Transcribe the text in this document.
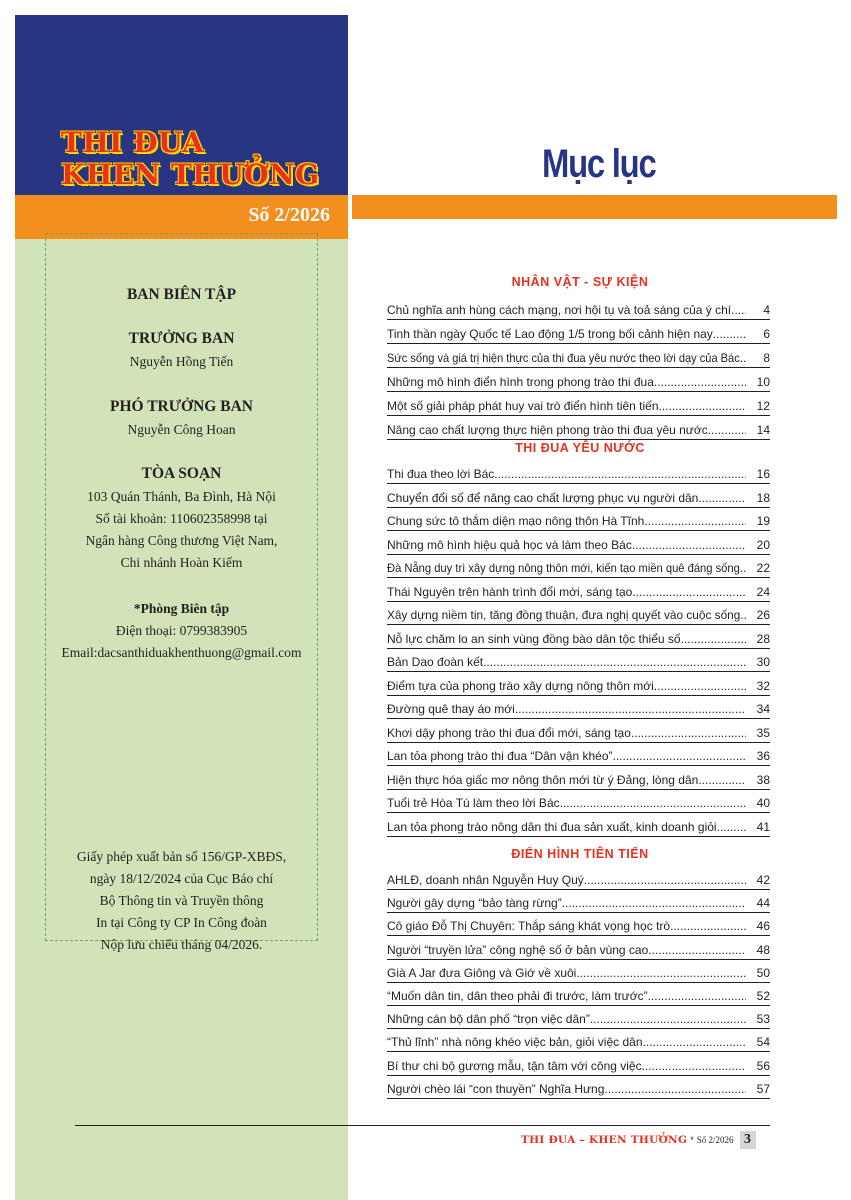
THI ĐUA
KHEN THƯỞNG
Số 2/2026
BAN BIÊN TẬP
TRƯỞNG BAN
Nguyễn Hồng Tiến
PHÓ TRƯỞNG BAN
Nguyễn Công Hoan
TÒA SOẠN
103 Quán Thánh, Ba Đình, Hà Nội
Số tài khoản: 110602358998 tại
Ngân hàng Công thương Việt Nam,
Chi nhánh Hoàn Kiếm
*Phòng Biên tập
Điện thoại: 0799383905
Email:dacsanthiduakhenthuong@gmail.com
Giấy phép xuất bản số 156/GP-XBĐS,
ngày 18/12/2024 của Cục Báo chí
Bộ Thông tin và Truyền thông
In tại Công ty CP In Công đoàn
Nộp lưu chiểu tháng 04/2026.
Mục lục
NHÂN VẬT - SỰ KIỆN
Chủ nghĩa anh hùng cách mạng, nơi hội tụ và toả sáng của ý chí .....	4
Tinh thần ngày Quốc tế Lao động 1/5 trong bối cảnh hiện nay .....	6
Sức sống và giá trị hiện thực của thi đua yêu nước theo lời dạy của Bác .....	8
Những mô hình điển hình trong phong trào thi đua .....	10
Một số giải pháp phát huy vai trò điển hình tiên tiến .....	12
Nâng cao chất lượng thực hiện phong trào thi đua yêu nước .....	14
THI ĐUA YÊU NƯỚC
Thi đua theo lời Bác .....	16
Chuyển đổi số để nâng cao chất lượng phục vụ người dân .....	18
Chung sức tô thắm diện mạo nông thôn Hà Tĩnh .....	19
Những mô hình hiệu quả học và làm theo Bác .....	20
Đà Nẵng duy trì xây dựng nông thôn mới, kiến tạo miền quê đáng sống .....	22
Thái Nguyên trên hành trình đổi mới, sáng tạo .....	24
Xây dựng niềm tin, tăng đồng thuận, đưa nghị quyết vào cuộc sống .....	26
Nỗ lực chăm lo an sinh vùng đồng bào dân tộc thiểu số .....	28
Bản Dao đoàn kết .....	30
Điểm tựa của phong trào xây dựng nông thôn mới .....	32
Đường quê thay áo mới .....	34
Khơi dậy phong trào thi đua đổi mới, sáng tạo .....	35
Lan tỏa phong trào thi đua “Dân vận khéo” .....	36
Hiện thực hóa giấc mơ nông thôn mới từ ý Đảng, lòng dân .....	38
Tuổi trẻ Hòa Tú làm theo lời Bác .....	40
Lan tỏa phong trào nông dân thi đua sản xuất, kinh doanh giỏi .....	41
ĐIỂN HÌNH TIÊN TIẾN
AHLĐ, doanh nhân Nguyễn Huy Quý .....	42
Người gây dựng “bảo tàng rừng” .....	44
Cô giáo Đỗ Thị Chuyên: Thắp sáng khát vọng học trò .....	46
Người “truyền lửa” công nghệ số ở bản vùng cao .....	48
Già A Jar đưa Giông và Giớ về xuôi .....	50
“Muốn dân tin, dân theo phải đi trước, làm trước” .....	52
Những cán bộ dân phố “trọn việc dân” .....	53
“Thủ lĩnh” nhà nông khéo việc bản, giỏi việc dân .....	54
Bí thư chi bộ gương mẫu, tận tâm với công việc .....	56
Người chèo lái “con thuyền” Nghĩa Hưng .....	57
THI ĐUA – KHEN THƯỞNG * Số 2/2026 3
